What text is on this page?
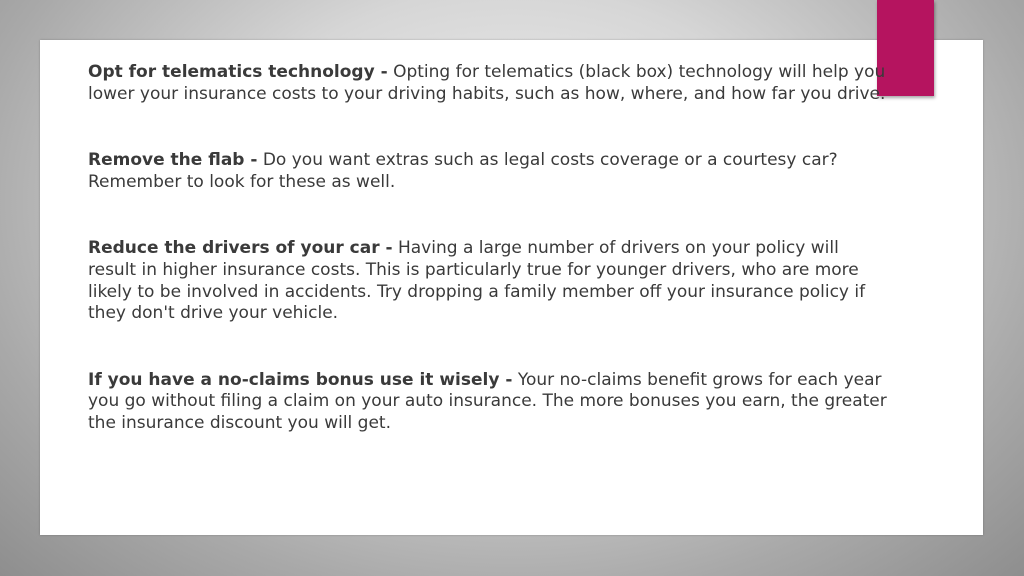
Opt for telematics technology - Opting for telematics (black box) technology will help you lower your insurance costs to your driving habits, such as how, where, and how far you drive.

Remove the flab - Do you want extras such as legal costs coverage or a courtesy car? Remember to look for these as well.

Reduce the drivers of your car - Having a large number of drivers on your policy will result in higher insurance costs. This is particularly true for younger drivers, who are more likely to be involved in accidents. Try dropping a family member off your insurance policy if they don't drive your vehicle.

If you have a no-claims bonus use it wisely - Your no-claims benefit grows for each year you go without filing a claim on your auto insurance. The more bonuses you earn, the greater the insurance discount you will get.
